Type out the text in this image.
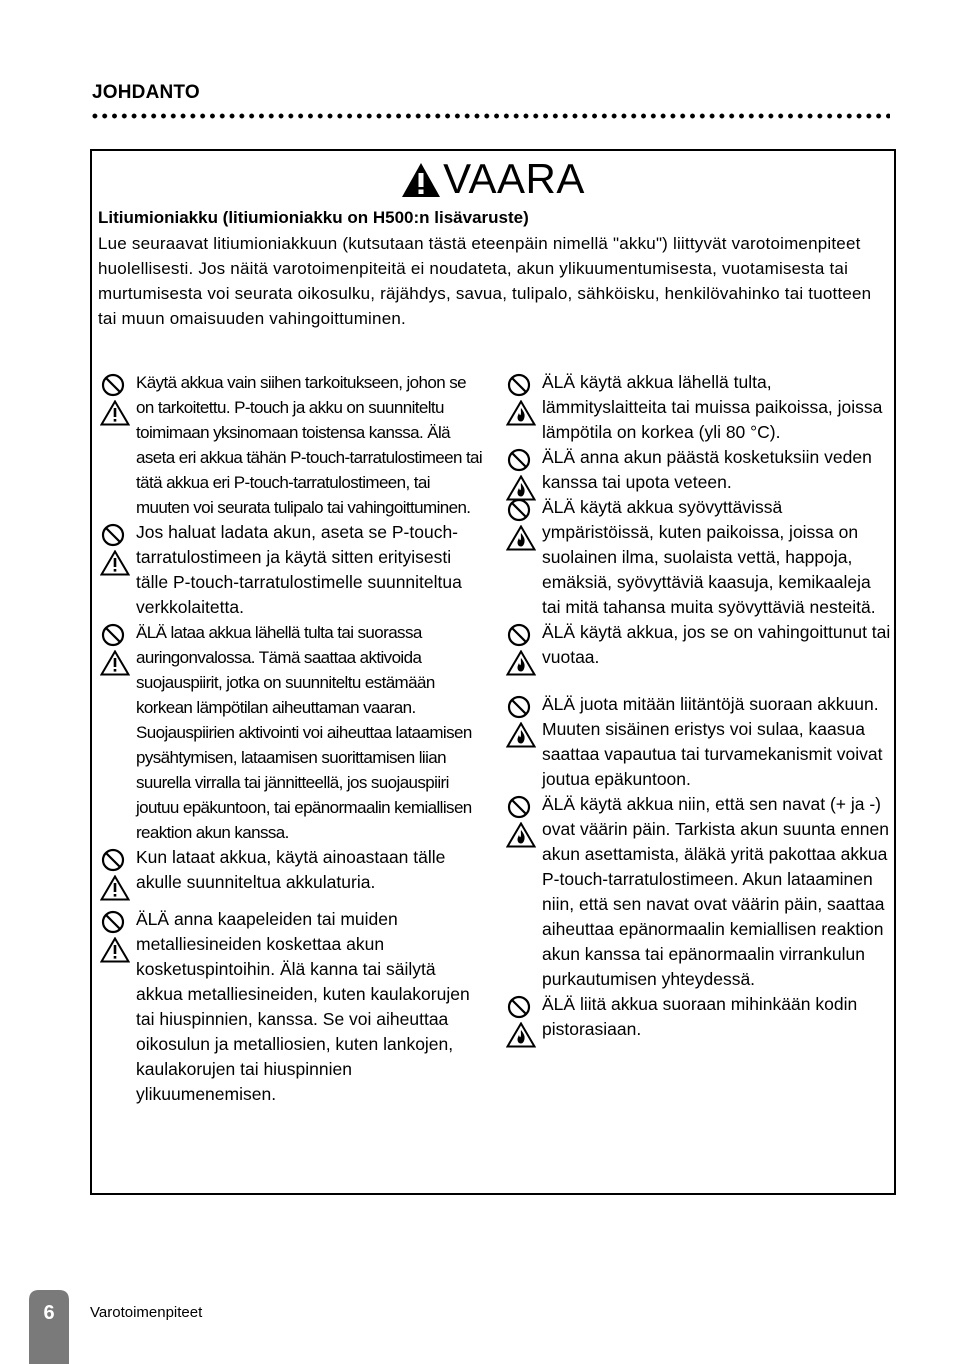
JOHDANTO
VAARA
Litiumioniakku (litiumioniakku on H500:n lisävaruste)
Lue seuraavat litiumioniakkuun (kutsutaan tästä eteenpäin nimellä "akku") liittyvät varotoimenpiteet huolellisesti. Jos näitä varotoimenpiteitä ei noudateta, akun ylikuumentumisesta, vuotamisesta tai murtumisesta voi seurata oikosulku, räjähdys, savua, tulipalo, sähköisku, henkilövahinko tai tuotteen tai muun omaisuuden vahingoittuminen.
Käytä akkua vain siihen tarkoitukseen, johon se on tarkoitettu. P-touch ja akku on suunniteltu toimimaan yksinomaan toistensa kanssa. Älä aseta eri akkua tähän P-touch-tarratulostimeen tai tätä akkua eri P-touch-tarratulostimeen, tai muuten voi seurata tulipalo tai vahingoittuminen.
Jos haluat ladata akun, aseta se P-touch-tarratulostimeen ja käytä sitten erityisesti tälle P-touch-tarratulostimelle suunniteltua verkkolaitetta.
ÄLÄ lataa akkua lähellä tulta tai suorassa auringonvalossa. Tämä saattaa aktivoida suojauspiirit, jotka on suunniteltu estämään korkean lämpötilan aiheuttaman vaaran. Suojauspiirien aktivointi voi aiheuttaa lataamisen pysähtymisen, lataamisen suorittamisen liian suurella virralla tai jännitteellä, jos suojauspiiri joutuu epäkuntoon, tai epänormaalin kemiallisen reaktion akun kanssa.
Kun lataat akkua, käytä ainoastaan tälle akulle suunniteltua akkulaturia.
ÄLÄ anna kaapeleiden tai muiden metalliesineiden koskettaa akun kosketuspintoihin. Älä kanna tai säilytä akkua metalliesineiden, kuten kaulakorujen tai hiuspinnien, kanssa. Se voi aiheuttaa oikosulun ja metalliosien, kuten lankojen, kaulakorujen tai hiuspinnien ylikuumenemisen.
ÄLÄ käytä akkua lähellä tulta, lämmityslaitteita tai muissa paikoissa, joissa lämpötila on korkea (yli 80 °C).
ÄLÄ anna akun päästä kosketuksiin veden kanssa tai upota veteen.
ÄLÄ käytä akkua syövyttävissä ympäristöissä, kuten paikoissa, joissa on suolainen ilma, suolaista vettä, happoja, emäksiä, syövyttäviä kaasuja, kemikaaleja tai mitä tahansa muita syövyttäviä nesteitä.
ÄLÄ käytä akkua, jos se on vahingoittunut tai vuotaa.
ÄLÄ juota mitään liitäntöjä suoraan akkuun. Muuten sisäinen eristys voi sulaa, kaasua saattaa vapautua tai turvamekanismit voivat joutua epäkuntoon.
ÄLÄ käytä akkua niin, että sen navat (+ ja -) ovat väärin päin. Tarkista akun suunta ennen akun asettamista, äläkä yritä pakottaa akkua P-touch-tarratulostimeen. Akun lataaminen niin, että sen navat ovat väärin päin, saattaa aiheuttaa epänormaalin kemiallisen reaktion akun kanssa tai epänormaalin virrankulun purkautumisen yhteydessä.
ÄLÄ liitä akkua suoraan mihinkään kodin pistorasiaan.
6	Varotoimenpiteet
